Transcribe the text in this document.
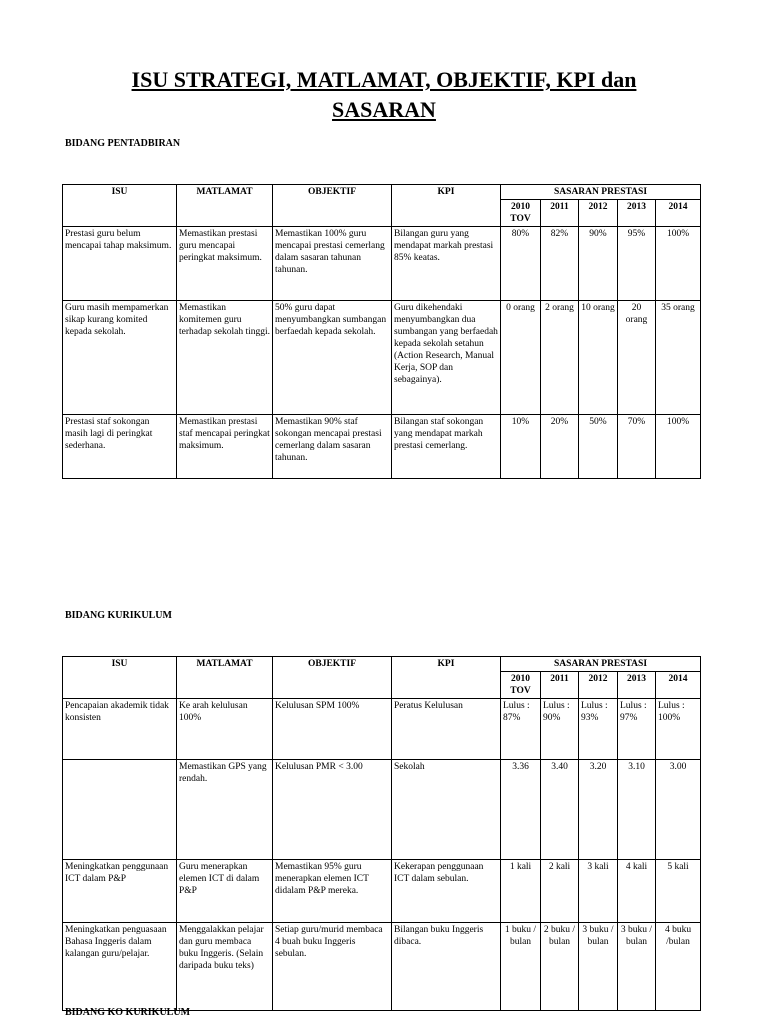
ISU STRATEGI, MATLAMAT, OBJEKTIF, KPI dan
SASARAN
BIDANG PENTADBIRAN
ISU	MATLAMAT	OBJEKTIF	KPI	SASARAN PRESTASI				
				2010 TOV	2011	2012	2013	2014
Prestasi guru belum mencapai tahap maksimum.	Memastikan prestasi guru mencapai peringkat maksimum.	Memastikan 100% guru mencapai prestasi cemerlang dalam sasaran tahunan tahunan.	Bilangan guru yang mendapat markah prestasi 85% keatas.	80%	82%	90%	95%	100%
Guru masih mempamerkan sikap kurang komited kepada sekolah.	Memastikan komitemen guru terhadap sekolah tinggi.	50% guru dapat menyumbangkan sumbangan berfaedah kepada sekolah.	Guru dikehendaki menyumbangkan dua sumbangan yang berfaedah kepada sekolah setahun (Action Research, Manual Kerja, SOP dan sebagainya).	0 orang	2 orang	10 orang	20 orang	35 orang
Prestasi staf sokongan masih lagi di peringkat sederhana.	Memastikan prestasi staf mencapai peringkat maksimum.	Memastikan 90% staf sokongan mencapai prestasi cemerlang dalam sasaran tahunan.	Bilangan staf sokongan yang mendapat markah prestasi cemerlang.	10%	20%	50%	70%	100%
BIDANG KURIKULUM
ISU	MATLAMAT	OBJEKTIF	KPI	SASARAN PRESTASI				
				2010 TOV	2011	2012	2013	2014
Pencapaian akademik tidak konsisten	Ke arah kelulusan 100%	Kelulusan SPM 100%	Peratus Kelulusan	Lulus : 87%	Lulus : 90%	Lulus : 93%	Lulus : 97%	Lulus : 100%
	Memastikan GPS yang rendah.	Kelulusan PMR < 3.00	Sekolah	3.36	3.40	3.20	3.10	3.00
Meningkatkan penggunaan ICT dalam P&P	Guru menerapkan elemen ICT di dalam P&P	Memastikan 95% guru menerapkan elemen ICT didalam P&P mereka.	Kekerapan penggunaan ICT dalam sebulan.	1 kali	2 kali	3 kali	4 kali	5 kali
Meningkatkan penguasaan Bahasa Inggeris dalam kalangan guru/pelajar.	Menggalakkan pelajar dan guru membaca buku Inggeris. (Selain daripada buku teks)	Setiap guru/murid membaca 4 buah buku Inggeris sebulan.	Bilangan buku Inggeris dibaca.	1 buku / bulan	2 buku / bulan	3 buku / bulan	3 buku / bulan	4 buku /bulan
BIDANG KO KURIKULUM
